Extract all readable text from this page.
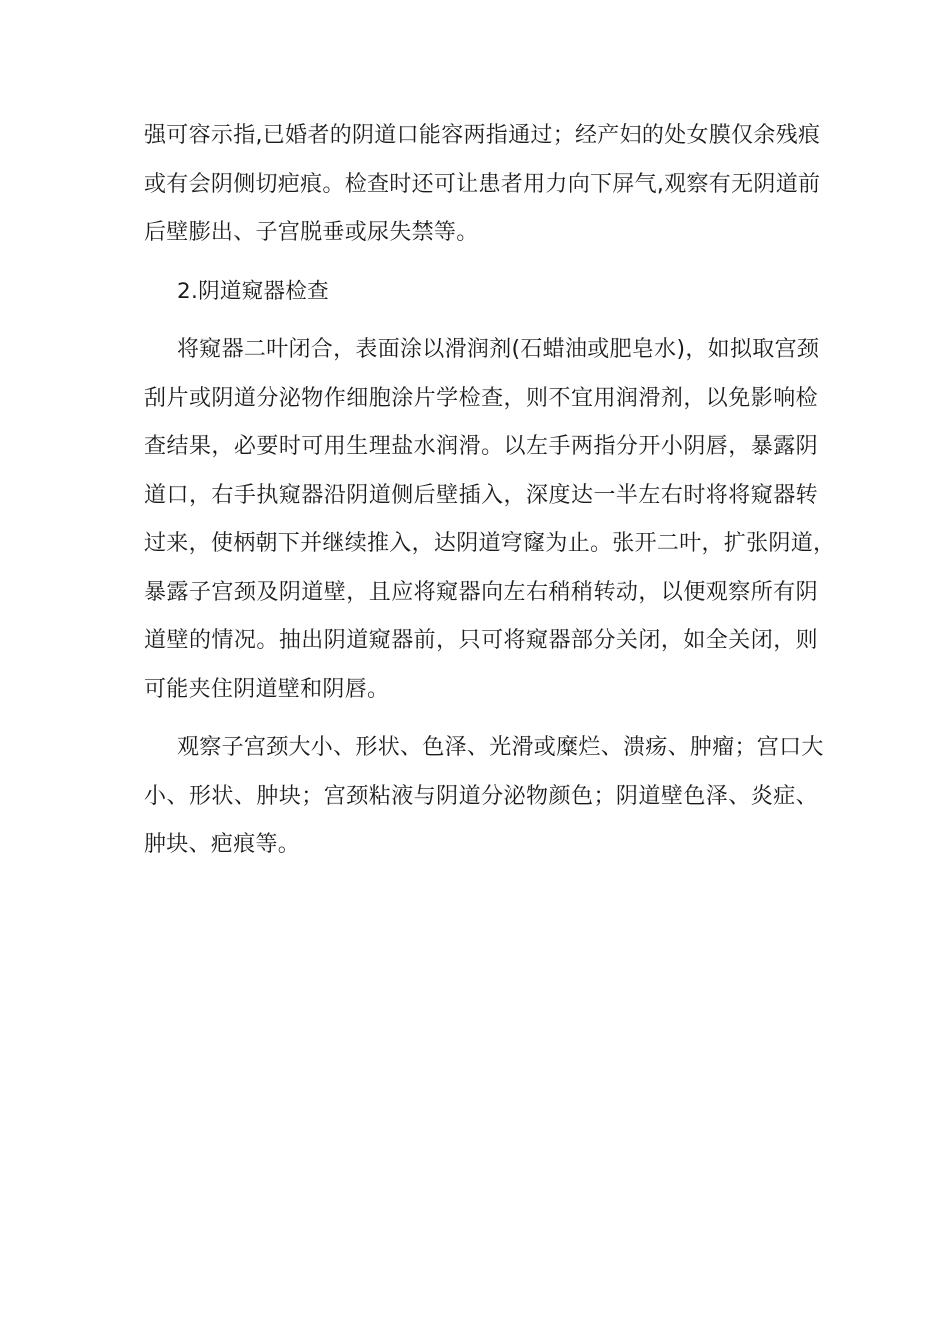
强可容示指,已婚者的阴道口能容两指通过；经产妇的处女膜仅余残痕
或有会阴侧切疤痕。检查时还可让患者用力向下屏气,观察有无阴道前
后壁膨出、子宫脱垂或尿失禁等。

2.阴道窥器检查

将窥器二叶闭合，表面涂以滑润剂(石蜡油或肥皂水)，如拟取宫颈
刮片或阴道分泌物作细胞涂片学检查，则不宜用润滑剂，以免影响检
查结果，必要时可用生理盐水润滑。以左手两指分开小阴唇，暴露阴
道口，右手执窥器沿阴道侧后壁插入，深度达一半左右时将将窥器转
过来，使柄朝下并继续推入，达阴道穹窿为止。张开二叶，扩张阴道，
暴露子宫颈及阴道壁，且应将窥器向左右稍稍转动，以便观察所有阴
道壁的情况。抽出阴道窥器前，只可将窥器部分关闭，如全关闭，则
可能夹住阴道壁和阴唇。

观察子宫颈大小、形状、色泽、光滑或糜烂、溃疡、肿瘤；宫口大
小、形状、肿块；宫颈粘液与阴道分泌物颜色；阴道壁色泽、炎症、
肿块、疤痕等。
